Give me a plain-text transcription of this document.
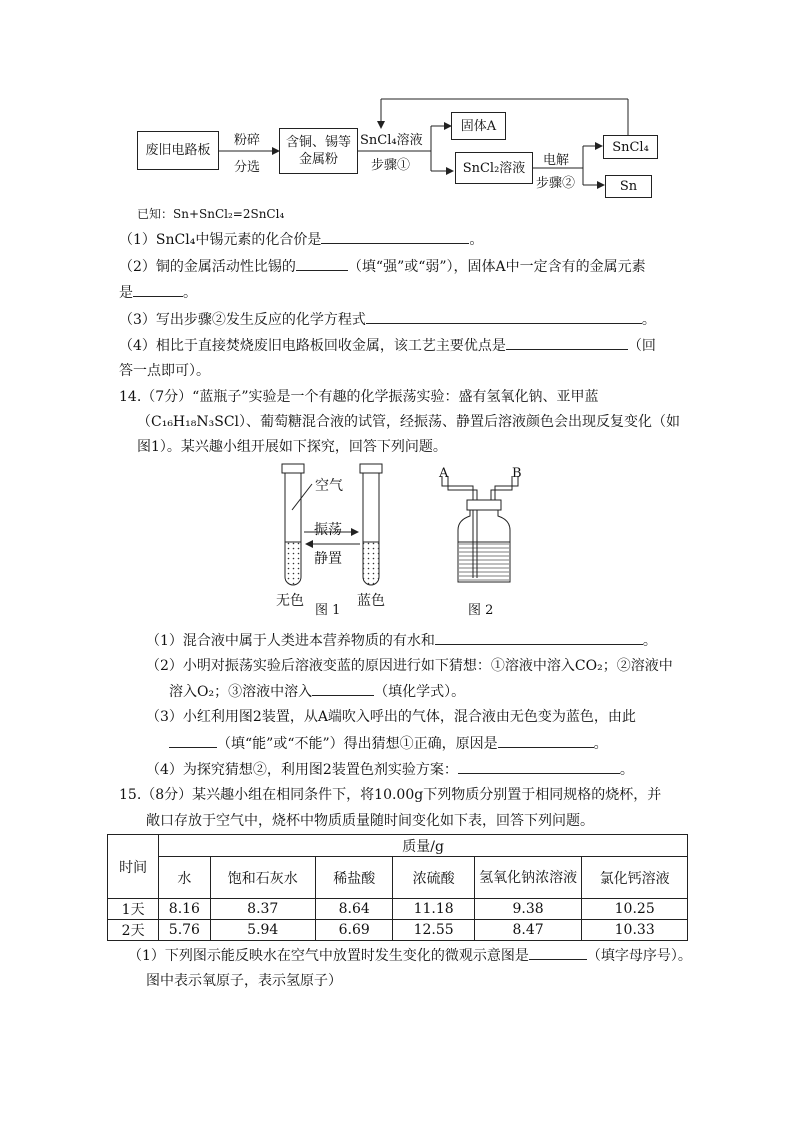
废旧电路板
粉碎
分选
含铜、锡等
金属粉
SnCl₄溶液
步骤①
固体A
SnCl₂溶液 电解
步骤②
SnCl₄
Sn
已知：Sn+SnCl₂=2SnCl₄
（1）SnCl₄中锡元素的化合价是	。
（2）铜的金属活动性比锡的	（填“强”或“弱”），固体A中一定含有的金属元素
是	。
（3）写出步骤②发生反应的化学方程式	。
（4）相比于直接焚烧废旧电路板回收金属，该工艺主要优点是	（回
答一点即可）。
14.（7分）“蓝瓶子”实验是一个有趣的化学振荡实验：盛有氢氧化钠、亚甲蓝
（C₁₆H₁₈N₃SCl）、葡萄糖混合液的试管，经振荡、静置后溶液颜色会出现反复变化（如
图1）。某兴趣小组开展如下探究，回答下列问题。
空气
振荡
静置
无色	蓝色
图 1
A	B
图 2
（1）混合液中属于人类进本营养物质的有水和	。
（2）小明对振荡实验后溶液变蓝的原因进行如下猜想：①溶液中溶入CO₂；②溶液中
溶入O₂；③溶液中溶入	（填化学式）。
（3）小红利用图2装置，从A端吹入呼出的气体，混合液由无色变为蓝色，由此
（填“能”或“不能”）得出猜想①正确，原因是	。
（4）为探究猜想②，利用图2装置色剂实验方案：	。
15.（8分）某兴趣小组在相同条件下，将10.00g下列物质分别置于相同规格的烧杯，并
敞口存放于空气中，烧杯中物质质量随时间变化如下表，回答下列问题。
时间	质量/g					
	水	饱和石灰水	稀盐酸	浓硫酸	氢氧化钠浓溶液	氯化钙溶液
1天	8.16	8.37	8.64	11.18	9.38	10.25
2天	5.76	5.94	6.69	12.55	8.47	10.33
（1）下列图示能反映水在空气中放置时发生变化的微观示意图是	（填字母序号）。
图中表示氧原子，表示氢原子）
